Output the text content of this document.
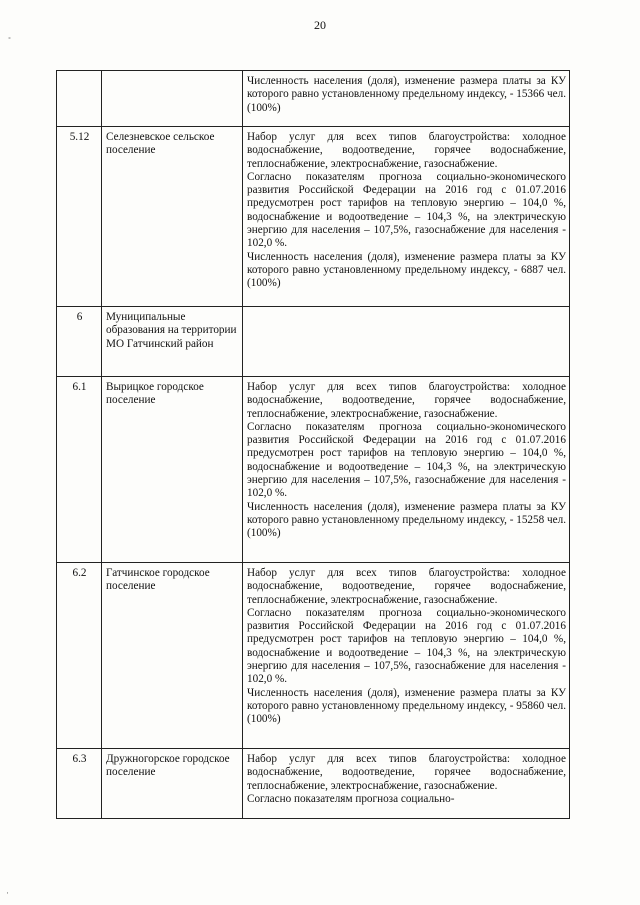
20

		Численность населения (доля), изменение размера платы за КУ которого равно установленному предельному индексу, - 15366 чел. (100%)

5.12	Селезневское сельское поселение	Набор услуг для всех типов благоустройства: холодное водоснабжение, водоотведение, горячее водоснабжение, теплоснабжение, электроснабжение, газоснабжение.

Согласно показателям прогноза социально-экономического развития Российской Федерации на 2016 год с 01.07.2016 предусмотрен рост тарифов на тепловую энергию – 104,0 %, водоснабжение и водоотведение – 104,3 %, на электрическую энергию для населения – 107,5%, газоснабжение для населения - 102,0 %.

Численность населения (доля), изменение размера платы за КУ которого равно установленному предельному индексу, - 6887 чел. (100%)

6	Муниципальные образования на территории МО Гатчинский район	
6.1	Вырицкое городское поселение	Набор услуг для всех типов благоустройства: холодное водоснабжение, водоотведение, горячее водоснабжение, теплоснабжение, электроснабжение, газоснабжение.

Согласно показателям прогноза социально-экономического развития Российской Федерации на 2016 год с 01.07.2016 предусмотрен рост тарифов на тепловую энергию – 104,0 %, водоснабжение и водоотведение – 104,3 %, на электрическую энергию для населения – 107,5%, газоснабжение для населения - 102,0 %.

Численность населения (доля), изменение размера платы за КУ которого равно установленному предельному индексу, - 15258 чел. (100%)

6.2	Гатчинское городское поселение	Набор услуг для всех типов благоустройства: холодное водоснабжение, водоотведение, горячее водоснабжение, теплоснабжение, электроснабжение, газоснабжение.

Согласно показателям прогноза социально-экономического развития Российской Федерации на 2016 год с 01.07.2016 предусмотрен рост тарифов на тепловую энергию – 104,0 %, водоснабжение и водоотведение – 104,3 %, на электрическую энергию для населения – 107,5%, газоснабжение для населения - 102,0 %.

Численность населения (доля), изменение размера платы за КУ которого равно установленному предельному индексу, - 95860 чел. (100%)

6.3	Дружногорское городское поселение	Набор услуг для всех типов благоустройства: холодное водоснабжение, водоотведение, горячее водоснабжение, теплоснабжение, электроснабжение, газоснабжение.

Согласно показателям прогноза социально-

˚
·
